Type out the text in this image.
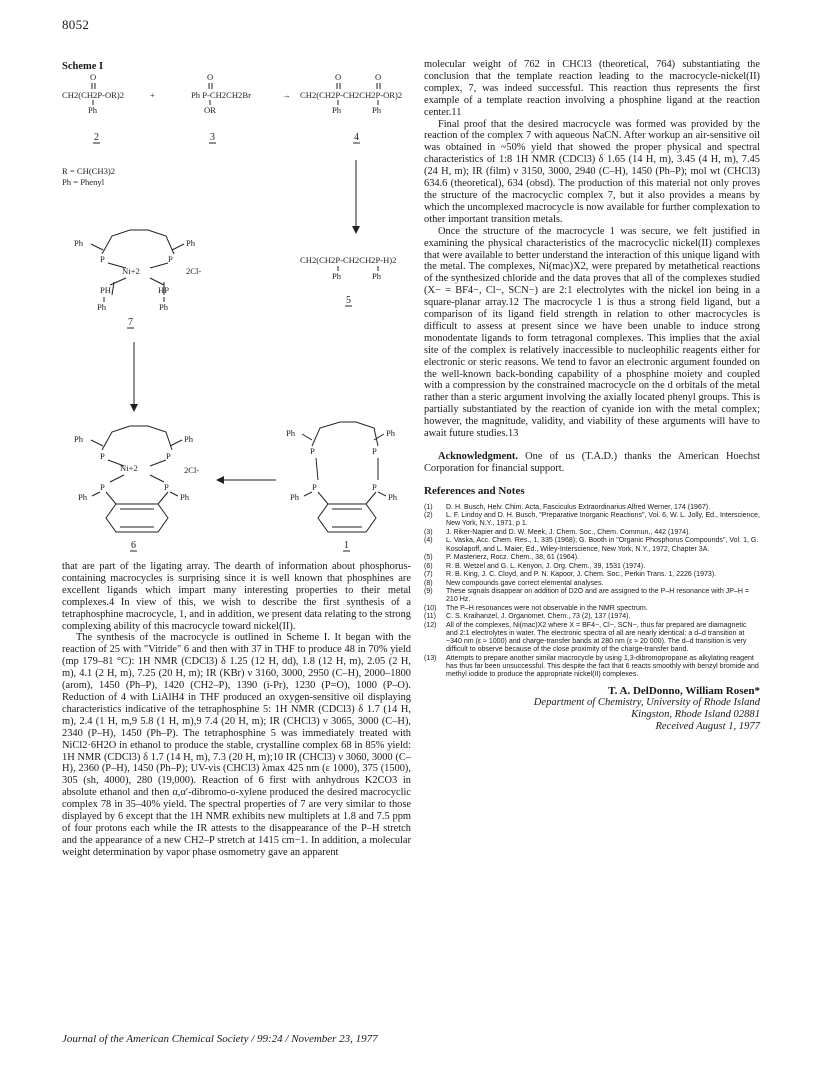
8052
Scheme I
O
CH2(CH2P-OR)2
Ph
+
O
Ph P-CH2CH2Br
OR
→
O	O
CH2(CH2P-CH2CH2P-OR)2
Ph	Ph
2	3	4
R = CH(CH3)2
Ph = Phenyl
Ph	Ph
P	P
Ni+2	2Cl-
PH	HP
Ph	Ph
7
CH2(CH2P-CH2CH2P-H)2
Ph	Ph
5
Ph	Ph
P	P
Ni+2	2Cl-
P	P
Ph	Ph
6
Ph	Ph
P	P
P	P
Ph	Ph
1

that are part of the ligating array. The dearth of information about phosphorus-containing macrocycles is surprising since it is well known that phosphines are excellent ligands which impart many interesting properties to their metal complexes.4 In view of this, we wish to describe the first synthesis of a tetraphosphine macrocycle, 1, and in addition, we present data relating to the strong complexing ability of this macrocycle toward nickel(II).

The synthesis of the macrocycle is outlined in Scheme I. It began with the reaction of 25 with "Vitride" 6 and then with 37 in THF to produce 48 in 70% yield (mp 179–81 °C): 1H NMR (CDCl3) δ 1.25 (12 H, dd), 1.8 (12 H, m), 2.05 (2 H, m), 4.1 (2 H, m), 7.25 (20 H, m); IR (KBr) ν 3160, 3000, 2950 (C–H), 2000–1800 (arom), 1450 (Ph–P), 1420 (CH2–P), 1390 (i-Pr), 1230 (P=O), 1000 (P–O). Reduction of 4 with LiAlH4 in THF produced an oxygen-sensitive oil displaying characteristics indicative of the tetraphosphine 5: 1H NMR (CDCl3) δ 1.7 (14 H, m), 2.4 (1 H, m,9 5.8 (1 H, m),9 7.4 (20 H, m); IR (CHCl3) ν 3065, 3000 (C–H), 2340 (P–H), 1450 (Ph–P). The tetraphosphine 5 was immediately treated with NiCl2·6H2O in ethanol to produce the stable, crystalline complex 68 in 85% yield: 1H NMR (CDCl3) δ 1.7 (14 H, m), 7.3 (20 H, m);10 IR (CHCl3) ν 3060, 3000 (C–H), 2360 (P–H), 1450 (Ph–P); UV-vis (CHCl3) λmax 425 nm (ε 1000), 375 (1500), 305 (sh, 4000), 280 (19,000). Reaction of 6 first with anhydrous K2CO3 in absolute ethanol and then α,α′-dibromo-o-xylene produced the desired macrocyclic complex 78 in 35–40% yield. The spectral properties of 7 are very similar to those displayed by 6 except that the 1H NMR exhibits new multiplets at 1.8 and 7.5 ppm of four protons each while the IR attests to the disappearance of the P–H stretch and the appearance of a new CH2–P stretch at 1415 cm−1. In addition, a molecular weight determination by vapor phase osmometry gave an apparent

molecular weight of 762 in CHCl3 (theoretical, 764) substantiating the conclusion that the template reaction leading to the macrocycle-nickel(II) complex, 7, was indeed successful. This reaction thus represents the first example of a template reaction involving a phosphine ligand at the reaction center.11

Final proof that the desired macrocycle was formed was provided by the reaction of the complex 7 with aqueous NaCN. After workup an air-sensitive oil was obtained in ~50% yield that showed the proper physical and spectral characteristics of 1:8 1H NMR (CDCl3) δ 1.65 (14 H, m), 3.45 (4 H, m), 7.45 (24 H, m); IR (film) ν 3150, 3000, 2940 (C–H), 1450 (Ph–P); mol wt (CHCl3) 634.6 (theoretical), 634 (obsd). The production of this material not only proves the structure of the macrocyclic complex 7, but it also provides a means by which the uncomplexed macrocycle is now available for further complexation to other important transition metals.

Once the structure of the macrocycle 1 was secure, we felt justified in examining the physical characteristics of the macrocyclic nickel(II) complexes that were available to better understand the interaction of this unique ligand with the metal. The complexes, Ni(mac)X2, were prepared by metathetical reactions of the synthesized chloride and the data proves that all of the complexes studied (X− = BF4−, Cl−, SCN−) are 2:1 electrolytes with the nickel ion being in a square-planar array.12 The macrocycle 1 is thus a strong field ligand, but a comparison of its ligand field strength in relation to other macrocycles is difficult to assess at present since we have been unable to induce strong monodentate ligands to form tetragonal complexes. This implies that the axial site of the complex is relatively inaccessible to nucleophilic reagents either for electronic or steric reasons. We tend to favor an electronic argument founded on the well-known back-bonding capability of a phosphine moiety and coupled with a compression by the constrained macrocycle on the d orbitals of the metal rather than a steric argument involving the axially located phenyl groups. This is partially substantiated by the reaction of cyanide ion with the metal complex; however, the magnitude, validity, and viability of these arguments will have to await future studies.13

Acknowledgment. One of us (T.A.D.) thanks the American Hoechst Corporation for financial support.

References and Notes
(1) D. H. Busch, Helv. Chim. Acta, Fasciculus Extraordinarius Alfred Werner, 174 (1967).
(2) L. F. Lindoy and D. H. Busch, "Preparative Inorganic Reactions", Vol. 6, W. L. Jolly, Ed., Interscience, New York, N.Y., 1971, p 1.
(3) J. Riker-Napier and D. W. Meek, J. Chem. Soc., Chem. Commun., 442 (1974).
(4) L. Vaska, Acc. Chem. Res., 1, 335 (1968); G. Booth in "Organic Phosphorus Compounds", Vol. 1, G. Kosolapoff, and L. Maier, Ed., Wiley-Interscience, New York, N.Y., 1972, Chapter 3A.
(5) P. Masterierz, Rocz. Chem., 38, 61 (1964).
(6) R. B. Wetzel and G. L. Kenyon, J. Org. Chem., 39, 1531 (1974).
(7) R. B. King, J. C. Cloyd, and P. N. Kapoor, J. Chem. Soc., Perkin Trans. 1, 2226 (1973).
(8) New compounds gave correct elemental analyses.
(9) These signals disappear on addition of D2O and are assigned to the P–H resonance with JP–H = 210 Hz.
(10) The P–H resonances were not observable in the NMR spectrum.
(11) C. S. Kraihanzel, J. Organomet. Chem., 73 (2), 137 (1974).
(12) All of the complexes, Ni(mac)X2 where X = BF4−, Cl−, SCN−, thus far prepared are diamagnetic and 2:1 electrolytes in water. The electronic spectra of all are nearly identical: a d–d transition at ~340 nm (ε ≈ 1000) and charge-transfer bands at 280 nm (ε ≈ 20 000). The d–d transition is very difficult to observe because of the close proximity of the charge-transfer band.
(13) Attempts to prepare another similar macrocycle by using 1,3-dibromopropane as alkylating reagent has thus far been unsuccessful. This despite the fact that 6 reacts smoothly with benzyl bromide and methyl iodide to produce the appropriate nickel(II) complexes.
T. A. DelDonno, William Rosen*
Department of Chemistry, University of Rhode Island
Kingston, Rhode Island 02881
Received August 1, 1977
Journal of the American Chemical Society / 99:24 / November 23, 1977
